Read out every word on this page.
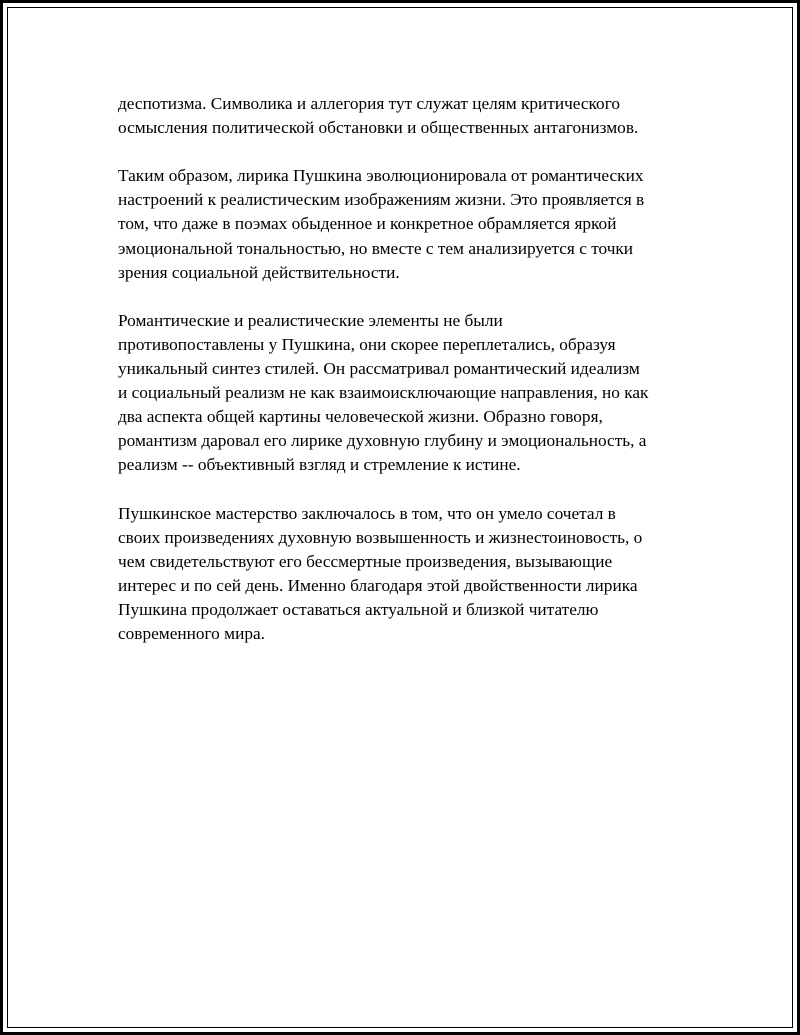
деспотизма. Символика и аллегория тут служат целям критического
осмысления политической обстановки и общественных антагонизмов.

Таким образом, лирика Пушкина эволюционировала от романтических
настроений к реалистическим изображениям жизни. Это проявляется в
том, что даже в поэмах обыденное и конкретное обрамляется яркой
эмоциональной тональностью, но вместе с тем анализируется с точки
зрения социальной действительности.

Романтические и реалистические элементы не были
противопоставлены у Пушкина, они скорее переплетались, образуя
уникальный синтез стилей. Он рассматривал романтический идеализм
и социальный реализм не как взаимоисключающие направления, но как
два аспекта общей картины человеческой жизни. Образно говоря,
романтизм даровал его лирике духовную глубину и эмоциональность, а
реализм -- объективный взгляд и стремление к истине.

Пушкинское мастерство заключалось в том, что он умело сочетал в
своих произведениях духовную возвышенность и жизнестоиновость, о
чем свидетельствуют его бессмертные произведения, вызывающие
интерес и по сей день. Именно благодаря этой двойственности лирика
Пушкина продолжает оставаться актуальной и близкой читателю
современного мира.
